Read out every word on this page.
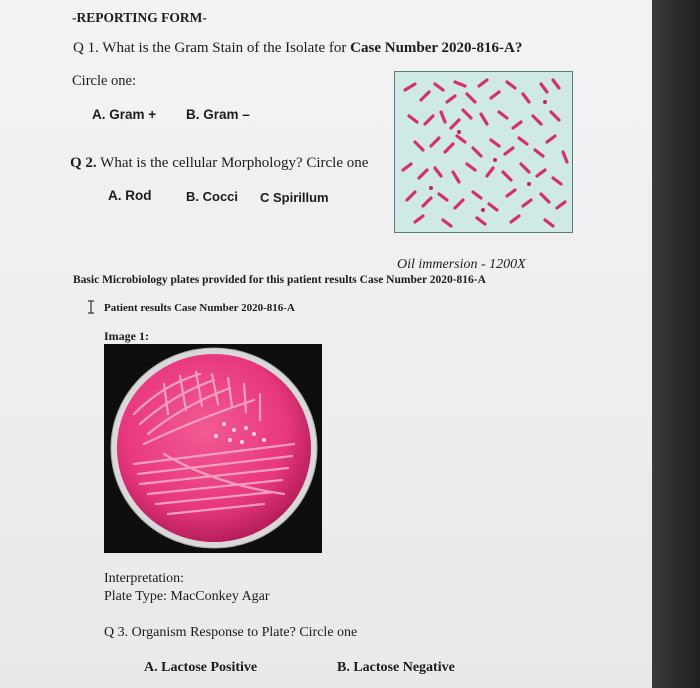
-REPORTING FORM-
Q 1. What is the Gram Stain of the Isolate for Case Number 2020-816-A?
Circle one:
A. Gram + B. Gram –
Q 2. What is the cellular Morphology? Circle one
A. Rod	B. Cocci C Spirillum
Oil immersion - 1200X
Basic Microbiology plates provided for this patient results Case Number 2020-816-A
Patient results Case Number 2020-816-A
Image 1:
Interpretation:
Plate Type: MacConkey Agar
Q 3. Organism Response to Plate? Circle one
A. Lactose Positive	B. Lactose Negative
